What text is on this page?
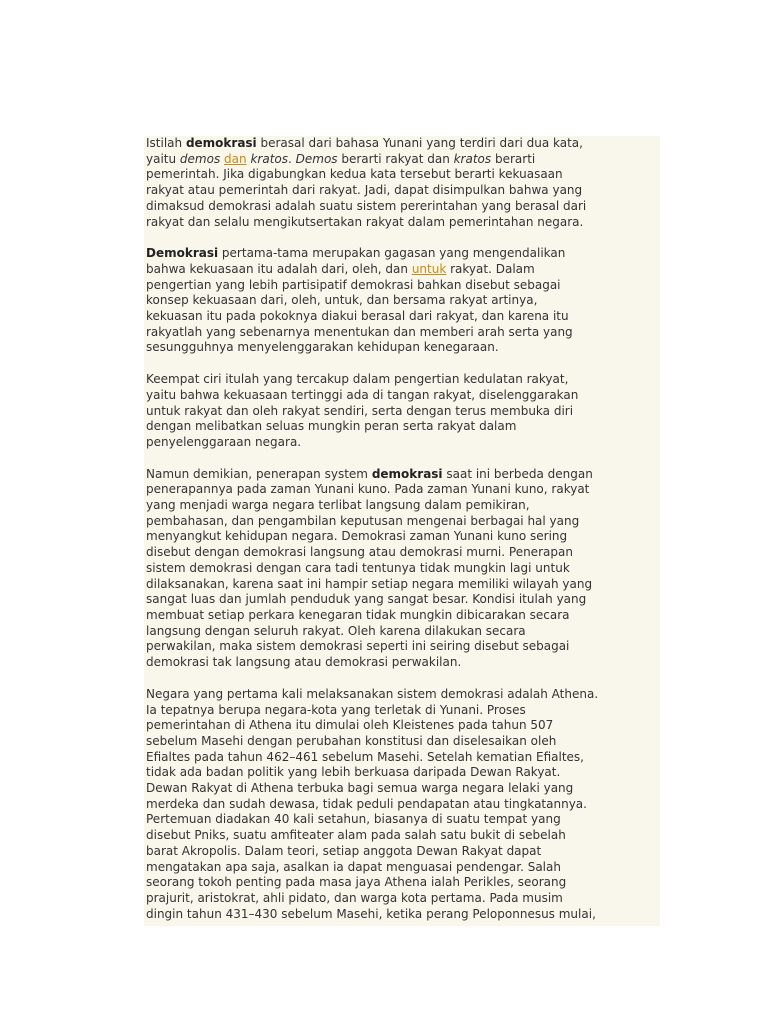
Istilah demokrasi berasal dari bahasa Yunani yang terdiri dari dua kata,
yaitu demos dan kratos. Demos berarti rakyat dan kratos berarti
pemerintah. Jika digabungkan kedua kata tersebut berarti kekuasaan
rakyat atau pemerintah dari rakyat. Jadi, dapat disimpulkan bahwa yang
dimaksud demokrasi adalah suatu sistem pererintahan yang berasal dari
rakyat dan selalu mengikutsertakan rakyat dalam pemerintahan negara.

Demokrasi pertama-tama merupakan gagasan yang mengendalikan
bahwa kekuasaan itu adalah dari, oleh, dan untuk rakyat. Dalam
pengertian yang lebih partisipatif demokrasi bahkan disebut sebagai
konsep kekuasaan dari, oleh, untuk, dan bersama rakyat artinya,
kekuasan itu pada pokoknya diakui berasal dari rakyat, dan karena itu
rakyatlah yang sebenarnya menentukan dan memberi arah serta yang
sesungguhnya menyelenggarakan kehidupan kenegaraan.

Keempat ciri itulah yang tercakup dalam pengertian kedulatan rakyat,
yaitu bahwa kekuasaan tertinggi ada di tangan rakyat, diselenggarakan
untuk rakyat dan oleh rakyat sendiri, serta dengan terus membuka diri
dengan melibatkan seluas mungkin peran serta rakyat dalam
penyelenggaraan negara.

Namun demikian, penerapan system demokrasi saat ini berbeda dengan
penerapannya pada zaman Yunani kuno. Pada zaman Yunani kuno, rakyat
yang menjadi warga negara terlibat langsung dalam pemikiran,
pembahasan, dan pengambilan keputusan mengenai berbagai hal yang
menyangkut kehidupan negara. Demokrasi zaman Yunani kuno sering
disebut dengan demokrasi langsung atau demokrasi murni. Penerapan
sistem demokrasi dengan cara tadi tentunya tidak mungkin lagi untuk
dilaksanakan, karena saat ini hampir setiap negara memiliki wilayah yang
sangat luas dan jumlah penduduk yang sangat besar. Kondisi itulah yang
membuat setiap perkara kenegaran tidak mungkin dibicarakan secara
langsung dengan seluruh rakyat. Oleh karena dilakukan secara
perwakilan, maka sistem demokrasi seperti ini seiring disebut sebagai
demokrasi tak langsung atau demokrasi perwakilan.

Negara yang pertama kali melaksanakan sistem demokrasi adalah Athena.
Ia tepatnya berupa negara-kota yang terletak di Yunani. Proses
pemerintahan di Athena itu dimulai oleh Kleistenes pada tahun 507
sebelum Masehi dengan perubahan konstitusi dan diselesaikan oleh
Efialtes pada tahun 462–461 sebelum Masehi. Setelah kematian Efialtes,
tidak ada badan politik yang lebih berkuasa daripada Dewan Rakyat.
Dewan Rakyat di Athena terbuka bagi semua warga negara lelaki yang
merdeka dan sudah dewasa, tidak peduli pendapatan atau tingkatannya.
Pertemuan diadakan 40 kali setahun, biasanya di suatu tempat yang
disebut Pniks, suatu amfiteater alam pada salah satu bukit di sebelah
barat Akropolis. Dalam teori, setiap anggota Dewan Rakyat dapat
mengatakan apa saja, asalkan ia dapat menguasai pendengar. Salah
seorang tokoh penting pada masa jaya Athena ialah Perikles, seorang
prajurit, aristokrat, ahli pidato, dan warga kota pertama. Pada musim
dingin tahun 431–430 sebelum Masehi, ketika perang Peloponnesus mulai,
